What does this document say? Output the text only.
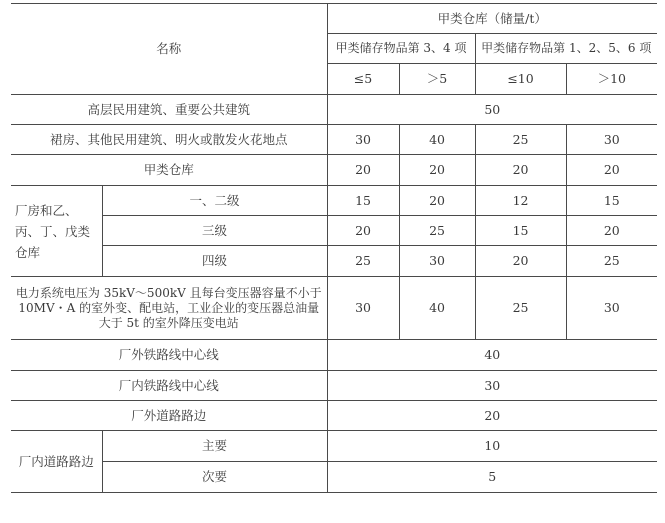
名称		甲类仓库（储量/t）			
		甲类储存物品第 3、4 项		甲类储存物品第 1、2、5、6 项	
		≤5	＞5	≤10	＞10
高层民用建筑、重要公共建筑		50			
裙房、其他民用建筑、明火或散发火花地点		30	40	25	30
甲类仓库		20	20	20	20
厂房和乙、丙、丁、戊类仓库	一、二级	15	20	12	15
	三级	20	25	15	20
	四级	25	30	20	25
电力系统电压为 35kV～500kV 且每台变压器容量不小于 10MV・A 的室外变、配电站，工业企业的变压器总油量大于 5t 的室外降压变电站		30	40	25	30
厂外铁路线中心线		40			
厂内铁路线中心线		30			
厂外道路路边		20			
厂内道路路边	主要	10			
	次要	5			
